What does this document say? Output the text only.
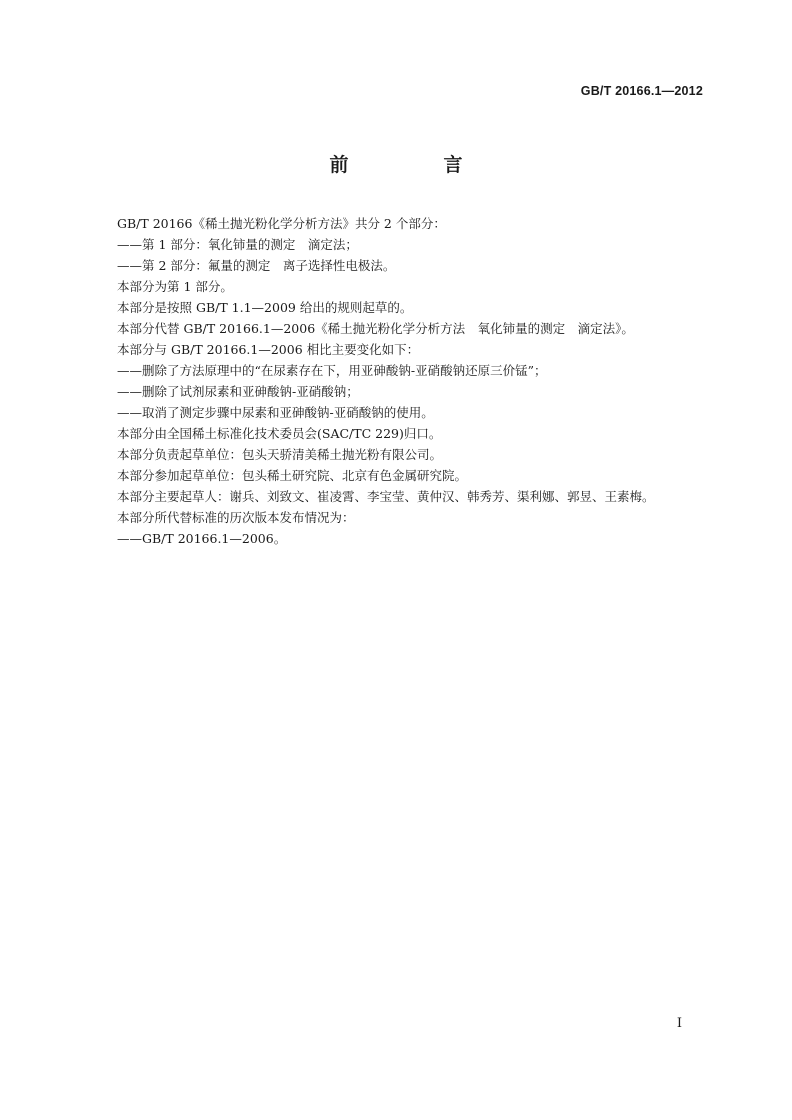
GB/T 20166.1—2012
前　言
GB/T 20166《稀土抛光粉化学分析方法》共分 2 个部分：
——第 1 部分：氧化铈量的测定　滴定法；
——第 2 部分：氟量的测定　离子选择性电极法。
本部分为第 1 部分。
本部分是按照 GB/T 1.1—2009 给出的规则起草的。
本部分代替 GB/T 20166.1—2006《稀土抛光粉化学分析方法　氧化铈量的测定　滴定法》。
本部分与 GB/T 20166.1—2006 相比主要变化如下：
——删除了方法原理中的“在尿素存在下，用亚砷酸钠-亚硝酸钠还原三价锰”；
——删除了试剂尿素和亚砷酸钠-亚硝酸钠；
——取消了测定步骤中尿素和亚砷酸钠-亚硝酸钠的使用。
本部分由全国稀土标准化技术委员会(SAC/TC 229)归口。
本部分负责起草单位：包头天骄清美稀土抛光粉有限公司。
本部分参加起草单位：包头稀土研究院、北京有色金属研究院。
本部分主要起草人：谢兵、刘致文、崔凌霄、李宝莹、黄仲汉、韩秀芳、渠利娜、郭昱、王素梅。
本部分所代替标准的历次版本发布情况为：
——GB/T 20166.1—2006。
I
